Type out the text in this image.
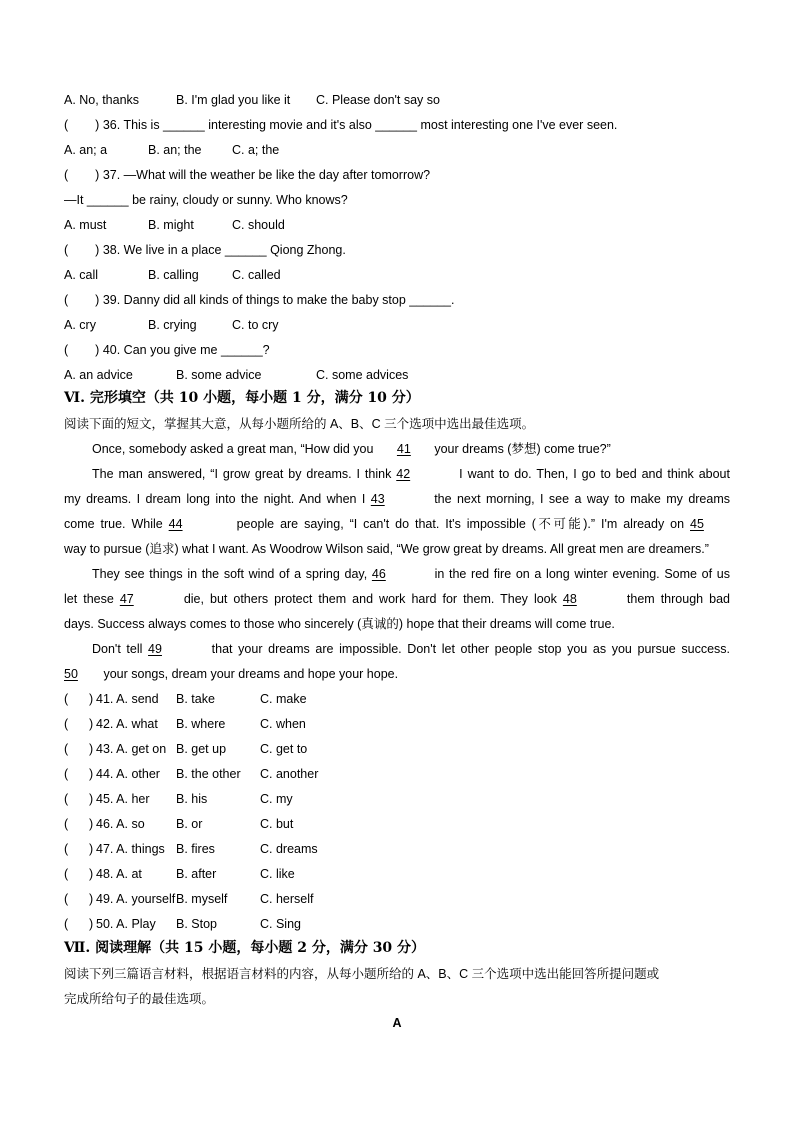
A. No, thanks	B. I'm glad you like it C. Please don't say so
( ) 36. This is ______ interesting movie and it's also ______ most interesting one I've ever seen.
A. an; a	B. an; the C. a; the
( ) 37. —What will the weather be like the day after tomorrow?
—It ______ be rainy, cloudy or sunny. Who knows?
A. must	B. might	C. should
( ) 38. We live in a place ______ Qiong Zhong.
A. call	B. calling	C. called
( ) 39. Danny did all kinds of things to make the baby stop ______.
A. cry	B. crying	C. to cry
( ) 40. Can you give me ______?
A. an advice	B. some advice	C. some advices
Ⅵ. 完形填空（共 10 小题，每小题 1 分，满分 10 分）
阅读下面的短文，掌握其大意，从每小题所给的 A、B、C 三个选项中选出最佳选项。
Once, somebody asked a great man, “How did you 41 your dreams (梦想) come true?”
The man answered, “I grow great by dreams. I think 42	I want to do. Then, I go to bed and think about
my dreams. I dream long into the night. And when I 43	the next morning, I see a way to make my dreams
come true. While 44	people are saying, “I can't do that. It's impossible (不可能).” I'm already on 45
way to pursue (追求) what I want. As Woodrow Wilson said, “We grow great by dreams. All great men are dreamers.”
They see things in the soft wind of a spring day, 46	in the red fire on a long winter evening. Some of us
let these 47	die, but others protect them and work hard for them. They look 48	them through bad
days. Success always comes to those who sincerely (真诚的) hope that their dreams will come true.
Don't tell 49	that your dreams are impossible. Don't let other people stop you as you pursue success.
50 your songs, dream your dreams and hope your hope.
(      ) 41. A. send B. take	C. make
(      ) 42. A. what B. where	C. when
(      ) 43. A. get on B. get up	C. get to
(      ) 44. A. other B. the other C. another
(      ) 45. A. her B. his	C. my
(      ) 46. A. so	B. or	C. but
(      ) 47. A. things B. fires	C. dreams
(      ) 48. A. at	B. after	C. like
(      ) 49. A. yourselfB. myself	C. herself
(      ) 50. A. Play B. Stop	C. Sing
Ⅶ. 阅读理解（共 15 小题，每小题 2 分，满分 30 分）
阅读下列三篇语言材料，根据语言材料的内容，从每小题所给的 A、B、C 三个选项中选出能回答所提问题或
完成所给句子的最佳选项。
A
